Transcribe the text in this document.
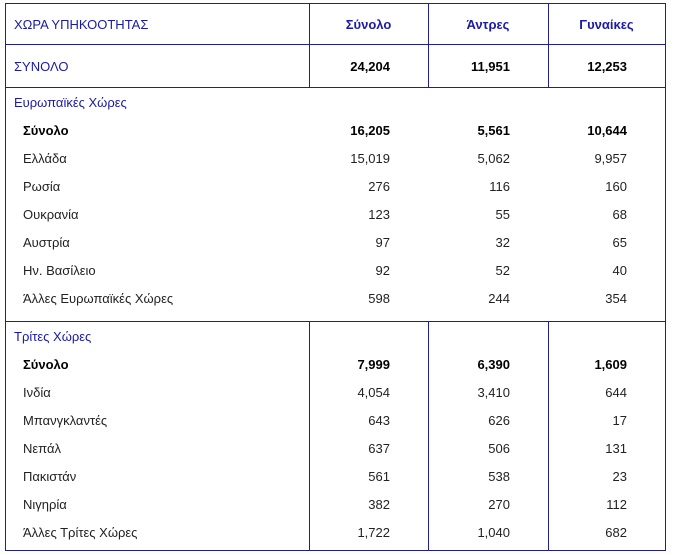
ΧΩΡΑ ΥΠΗΚΟΟΤΗΤΑΣ	Σύνολο	Άντρες	Γυναίκες
ΣΥΝΟΛΟ	24,204	11,951	12,253
Ευρωπαϊκές Χώρες
Σύνολο	16,205	5,561	10,644
Ελλάδα	15,019	5,062	9,957
Ρωσία	276	116	160
Ουκρανία	123	55	68
Αυστρία	97	32	65
Ην. Βασίλειο	92	52	40
Άλλες Ευρωπαϊκές Χώρες	598	244	354
Τρίτες Χώρες
Σύνολο	7,999	6,390	1,609
Ινδία	4,054	3,410	644
Μπανγκλαντές	643	626	17
Νεπάλ	637	506	131
Πακιστάν	561	538	23
Νιγηρία	382	270	112
Άλλες Τρίτες Χώρες	1,722	1,040	682
